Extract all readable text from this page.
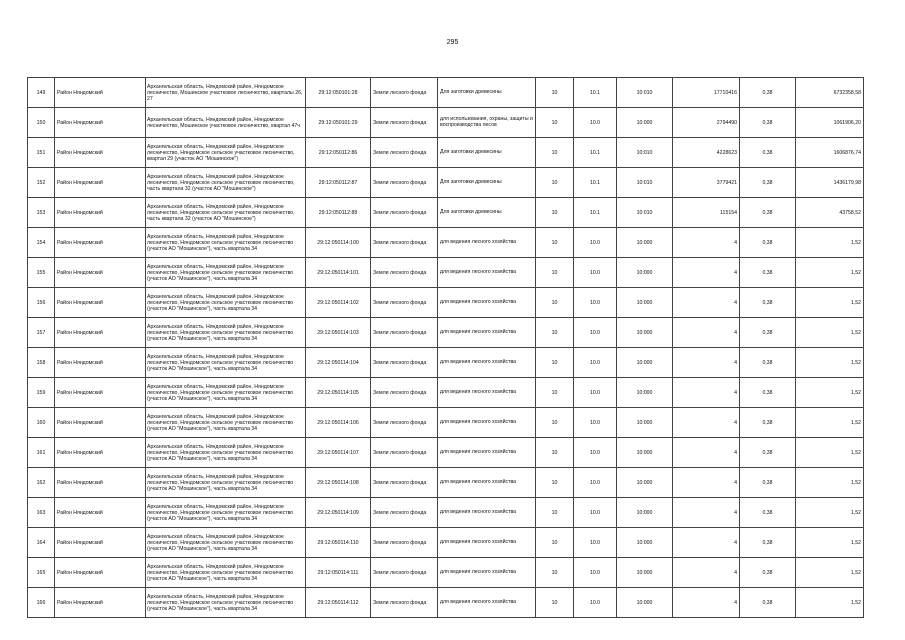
295
149	Район Няндомский	Архангельская область, Няндомский район, Няндомское лесничество, Мошинское участковое лесничество, кварталы 26, 27	29:12:050101:28	Земли лесного фонда	Для заготовки древесины	10	10.1	10:010	17710416	0,38	6732358,58
150	Район Няндомский	Архангельская область, Няндомский район, Няндомское лесничество, Мошинское участковое лесничество, квартал 47ч	29:12:050101:29	Земли лесного фонда	для использования, охраны, защиты и воспроизводства лесов	10	10.0	10:000	2794490	0,38	1061906,20
151	Район Няндомский	Архангельская область, Няндомский район, Няндомское лесничество, Няндомское сельское участковое лесничество, квартал 29 (участок АО "Мошинское")	29:12:050112:86	Земли лесного фонда	Для заготовки древесины	10	10.1	10:010	4228623	0,38	1606876,74
152	Район Няндомский	Архангельская область, Няндомский район, Няндомское лесничество, Няндомское сельское участковое лесничество, часть квартала 32 (участок АО "Мошинское")	29:12:050112:87	Земли лесного фонда	Для заготовки древесины	10	10.1	10:010	3779421	0,38	1436179,98
153	Район Няндомский	Архангельская область, Няндомский район, Няндомское лесничество, Няндомское сельское участковое лесничество, часть квартала 32 (участок АО "Мошинское")	29:12:050112:88	Земли лесного фонда	Для заготовки древесины	10	10.1	10:010	115154	0,38	43758,52
154	Район Няндомский	Архангельская область, Няндомский район, Няндомское лесничество, Няндомское сельское участковое лесничество (участок АО "Мошинское"), часть квартала 34	29:12:050114:100	Земли лесного фонда	для ведения лесного хозяйства	10	10.0	10:000	4	0,38	1,52
155	Район Няндомский	Архангельская область, Няндомский район, Няндомское лесничество, Няндомское сельское участковое лесничество (участок АО "Мошинское"), часть квартала 34	29:12:050114:101	Земли лесного фонда	для ведения лесного хозяйства	10	10.0	10:000	4	0,38	1,52
156	Район Няндомский	Архангельская область, Няндомский район, Няндомское лесничество, Няндомское сельское участковое лесничество (участок АО "Мошинское"), часть квартала 34	29:12:050114:102	Земли лесного фонда	для ведения лесного хозяйства	10	10.0	10:000	4	0,38	1,52
157	Район Няндомский	Архангельская область, Няндомский район, Няндомское лесничество, Няндомское сельское участковое лесничество (участок АО "Мошинское"), часть квартала 34	29:12:050114:103	Земли лесного фонда	для ведения лесного хозяйства	10	10.0	10:000	4	0,38	1,52
158	Район Няндомский	Архангельская область, Няндомский район, Няндомское лесничество, Няндомское сельское участковое лесничество (участок АО "Мошинское"), часть квартала 34	29:12:050114:104	Земли лесного фонда	для ведения лесного хозяйства	10	10.0	10:000	4	0,38	1,52
159	Район Няндомский	Архангельская область, Няндомский район, Няндомское лесничество, Няндомское сельское участковое лесничество (участок АО "Мошинское"), часть квартала 34	29:12:050114:105	Земли лесного фонда	для ведения лесного хозяйства	10	10.0	10:000	4	0,38	1,52
160	Район Няндомский	Архангельская область, Няндомский район, Няндомское лесничество, Няндомское сельское участковое лесничество (участок АО "Мошинское"), часть квартала 34	29:12:050114:106	Земли лесного фонда	для ведения лесного хозяйства	10	10.0	10:000	4	0,38	1,52
161	Район Няндомский	Архангельская область, Няндомский район, Няндомское лесничество, Няндомское сельское участковое лесничество (участок АО "Мошинское"), часть квартала 34	29:12:050114:107	Земли лесного фонда	для ведения лесного хозяйства	10	10.0	10:000	4	0,38	1,52
162	Район Няндомский	Архангельская область, Няндомский район, Няндомское лесничество, Няндомское сельское участковое лесничество (участок АО "Мошинское"), часть квартала 34	29:12:050114:108	Земли лесного фонда	для ведения лесного хозяйства	10	10.0	10:000	4	0,38	1,52
163	Район Няндомский	Архангельская область, Няндомский район, Няндомское лесничество, Няндомское сельское участковое лесничество (участок АО "Мошинское"), часть квартала 34	29:12:050114:109	Земли лесного фонда	для ведения лесного хозяйства	10	10.0	10:000	4	0,38	1,52
164	Район Няндомский	Архангельская область, Няндомский район, Няндомское лесничество, Няндомское сельское участковое лесничество (участок АО "Мошинское"), часть квартала 34	29:12:050114:110	Земли лесного фонда	для ведения лесного хозяйства	10	10.0	10:000	4	0,38	1,52
165	Район Няндомский	Архангельская область, Няндомский район, Няндомское лесничество, Няндомское сельское участковое лесничество (участок АО "Мошинское"), часть квартала 34	29:12:050114:111	Земли лесного фонда	для ведения лесного хозяйства	10	10.0	10:000	4	0,38	1,52
166	Район Няндомский	Архангельская область, Няндомский район, Няндомское лесничество, Няндомское сельское участковое лесничество (участок АО "Мошинское"), часть квартала 34	29:12:050114:112	Земли лесного фонда	для ведения лесного хозяйства	10	10.0	10:000	4	0,38	1,52
